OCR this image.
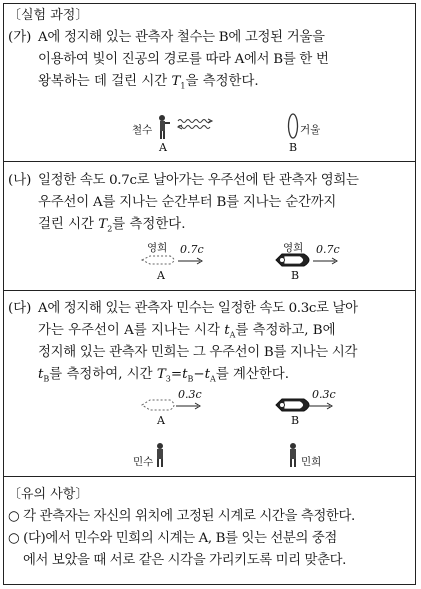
〔실험 과정〕
(가) A에 정지해 있는 관측자 철수는 B에 고정된 거울을
이용하여 빛이 진공의 경로를 따라 A에서 B를 한 번
왕복하는 데 걸린 시간 $T_1$을 측정한다.
철수	거울
A	B
(나) 일정한 속도 0.7c로 날아가는 우주선에 탄 관측자 영희는
우주선이 A를 지나는 순간부터 B를 지나는 순간까지
걸린 시간 $T_2$를 측정한다.
영희 0.7c
A
영희 0.7c
B
(다) A에 정지해 있는 관측자 민수는 일정한 속도 0.3c로 날아
가는 우주선이 A를 지나는 시각 $t_A$를 측정하고, B에
정지해 있는 관측자 민희는 그 우주선이 B를 지나는 시각
$t_B$를 측정하여, 시간 $T_3=t_B-t_A$를 계산한다.
0.3c
A
민수
0.3c
B
민희
〔유의 사항〕
○ 각 관측자는 자신의 위치에 고정된 시계로 시간을 측정한다.
○ (다)에서 민수와 민희의 시계는 A, B를 잇는 선분의 중점
에서 보았을 때 서로 같은 시각을 가리키도록 미리 맞춘다.
